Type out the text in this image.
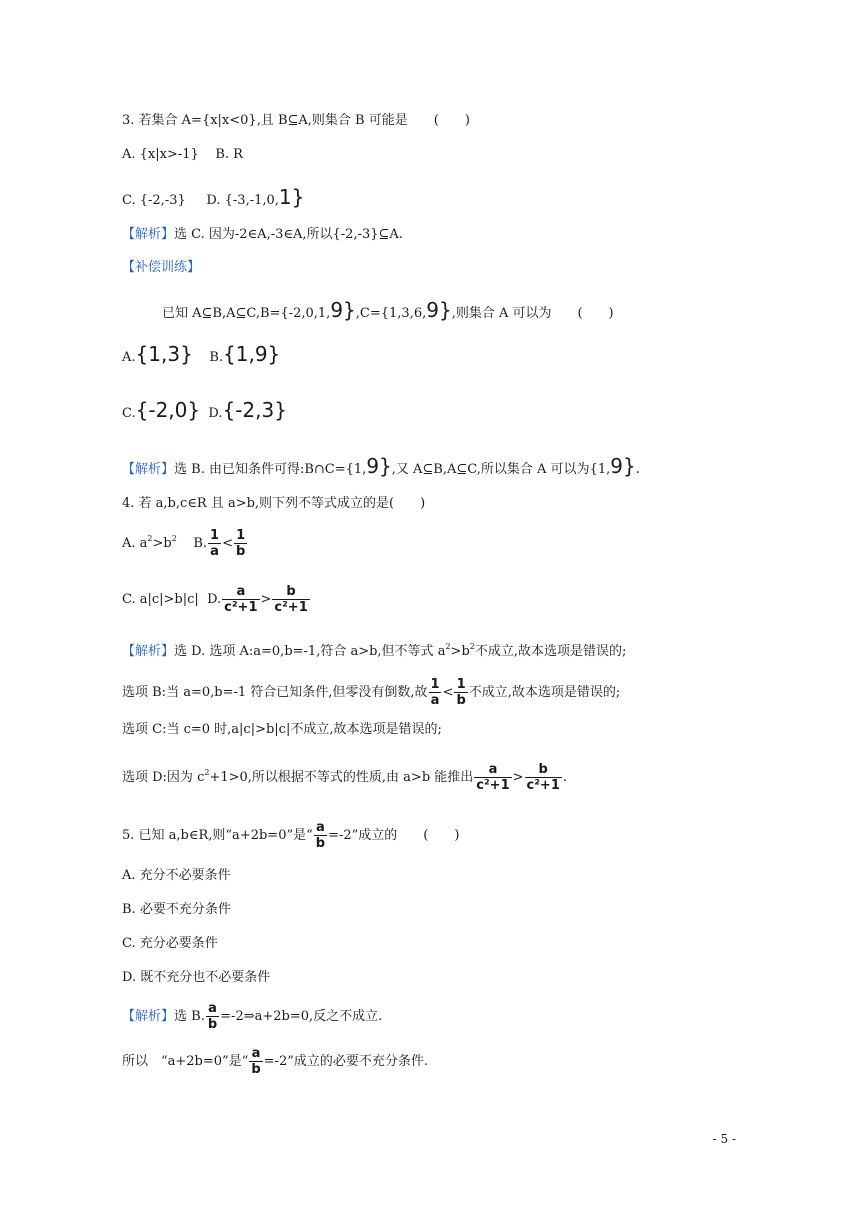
3. 若集合 A={x|x<0},且 B⊆A,则集合 B 可能是　　(　　)
A. {x|x>-1} B. R
C. {-2,-3} D. {-3,-1,0,1}
【解析】选 C. 因为-2∈A,-3∈A,所以{-2,-3}⊆A.
【补偿训练】
已知 A⊆B,A⊆C,B={-2,0,1,9},C={1,3,6,9},则集合 A 可以为　　(　　)
A.{1,3} B.{1,9}
C.{-2,0} D.{-2,3}
【解析】选 B. 由已知条件可得:B∩C={1,9},又 A⊆B,A⊆C,所以集合 A 可以为{1,9}.
4. 若 a,b,c∈R 且 a>b,则下列不等式成立的是(　　)
A. $a^2>b^2$ B. $\frac{1}{a} < \frac{1}{b}$
C. a|c|>b|c| D. $\frac{a}{\text{c²+1}} > \frac{b}{\text{c²+1}}$
【解析】选 D. 选项 A:a=0,b=-1,符合 a>b,但不等式 $a^2>b^2$不成立,故本选项是错误的;
选项 B:当 a=0,b=-1 符合已知条件,但零没有倒数,故 $\frac{1}{a} < \frac{1}{b}$ 不成立,故本选项是错误的;
选项 C:当 c=0 时,a|c|>b|c|不成立,故本选项是错误的;
选项 D:因为 $c^2+1>0$,所以根据不等式的性质,由 a>b 能推出 $\frac{a}{\text{c²+1}} > \frac{b}{\text{c²+1}}$ .
5. 已知 a,b∈R,则“a+2b=0”是“ $\frac{a}{b} =-2$”成立的　　(　　)
A. 充分不必要条件
B. 必要不充分条件
C. 充分必要条件
D. 既不充分也不必要条件
【解析】选 B. $\frac{a}{b}$ =-2⇒a+2b=0,反之不成立.
所以　“a+2b=0”是“ $\frac{a}{b} =-2$”成立的必要不充分条件.
- 5 -
